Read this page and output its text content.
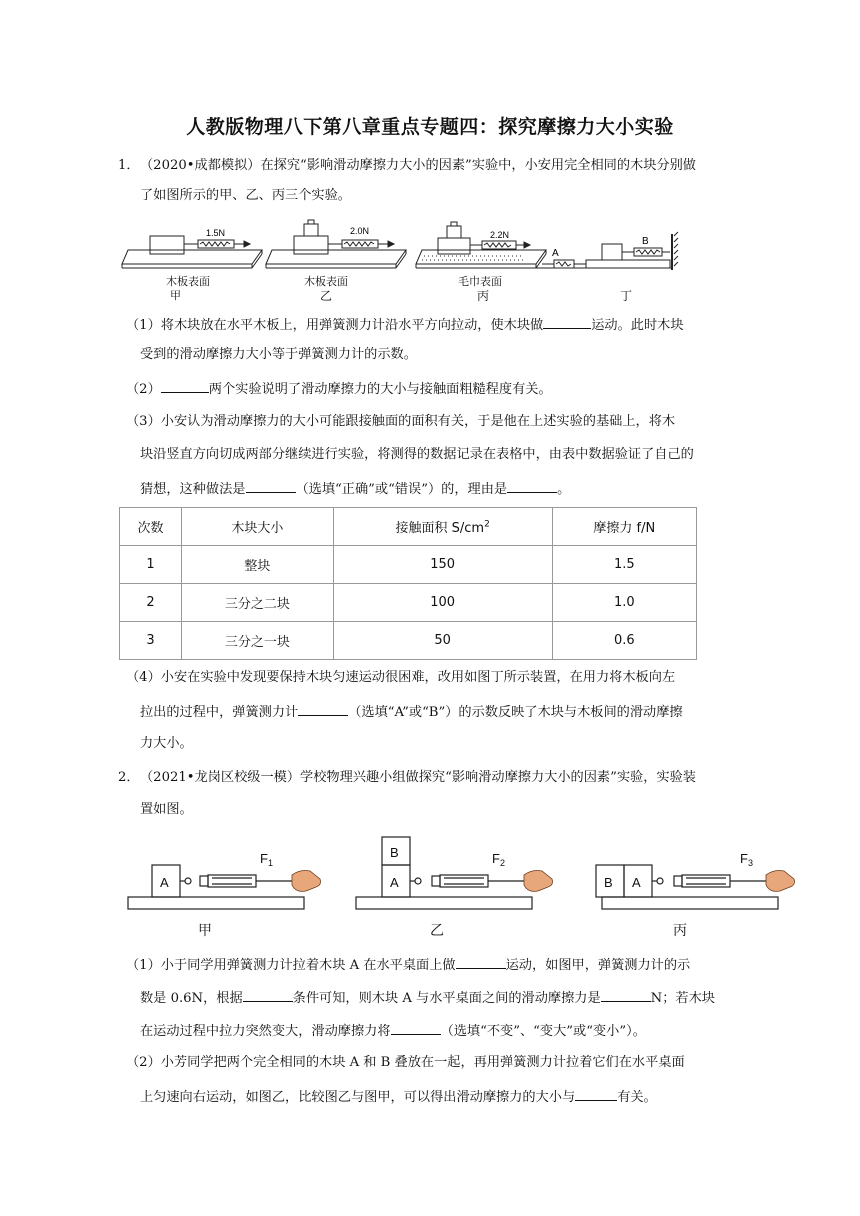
人教版物理八下第八章重点专题四：探究摩擦力大小实验
1． （2020•成都模拟）在探究“影响滑动摩擦力大小的因素”实验中，小安用完全相同的木块分别做
了如图所示的甲、乙、丙三个实验。
1.5N	2.0N	2.2N
A
B
木板表面
甲
木板表面
乙
毛巾表面
丙	丁
（1）将木块放在水平木板上，用弹簧测力计沿水平方向拉动，使木块做	运动。此时木块
受到的滑动摩擦力大小等于弹簧测力计的示数。
（2）	两个实验说明了滑动摩擦力的大小与接触面粗糙程度有关。
（3）小安认为滑动摩擦力的大小可能跟接触面的面积有关，于是他在上述实验的基础上，将木
块沿竖直方向切成两部分继续进行实验，将测得的数据记录在表格中，由表中数据验证了自己的
猜想，这种做法是	（选填“正确”或“错误”）的，理由是	。
次数	木块大小	接触面积 $S/cm^2$	摩擦力 f/N
1	整块	150	1.5
2	三分之二块	100	1.0
3	三分之一块	50	0.6
（4）小安在实验中发现要保持木块匀速运动很困难，改用如图丁所示装置，在用力将木板向左
拉出的过程中，弹簧测力计	（选填“A”或“B”）的示数反映了木块与木板间的滑动摩擦
力大小。
2． （2021•龙岗区校级一模）学校物理兴趣小组做探究“影响滑动摩擦力大小的因素”实验，实验装
置如图。
A
B
A	B A
$F_1$	$F_2$	$F_3$
甲	乙	丙
（1）小于同学用弹簧测力计拉着木块 A 在水平桌面上做	运动，如图甲，弹簧测力计的示
数是 0.6N，根据	条件可知，则木块 A 与水平桌面之间的滑动摩擦力是	N；若木块
在运动过程中拉力突然变大，滑动摩擦力将	（选填“不变”、“变大”或“变小”）。
（2）小芳同学把两个完全相同的木块 A 和 B 叠放在一起，再用弹簧测力计拉着它们在水平桌面
上匀速向右运动，如图乙，比较图乙与图甲，可以得出滑动摩擦力的大小与	有关。
